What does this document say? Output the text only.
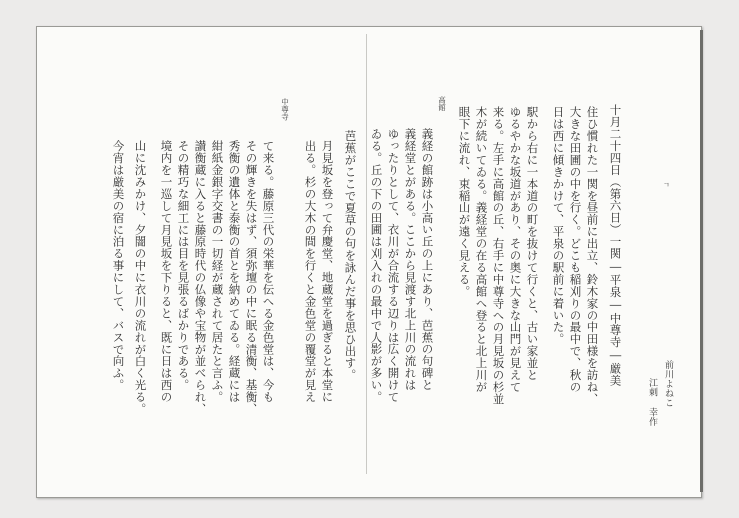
ㄱ
前川よねこ
江刺 幸作
十月二十四日（第六日）一関―平泉―中尊寺―厳美
住ひ慣れた一関を昼前に出立、鈴木家の中田様を訪ね、
大きな田圃の中を行く。どこも稲刈りの最中で、秋の
日は西に傾きかけて、平泉の駅前に着いた。
駅から右に一本道の町を抜けて行くと、古い家並と
ゆるやかな坂道があり、その奥に大きな山門が見えて
来る。左手に高館の丘、右手に中尊寺への月見坂の杉並
木が続いてゐる。義経堂の在る高館へ登ると北上川が
眼下に流れ、束稲山が遠く見える。
高館
義経の館跡は小高い丘の上にあり、芭蕉の句碑と
義経堂とがある。ここから見渡す北上川の流れは
ゆったりとして、衣川が合流する辺りは広く開けて
ゐる。丘の下の田圃は刈入れの最中で人影が多い。
芭蕉がここで夏草の句を詠んだ事を思ひ出す。
中尊寺
月見坂を登って弁慶堂、地蔵堂を過ぎると本堂に
出る。杉の大木の間を行くと金色堂の覆堂が見え
て来る。藤原三代の栄華を伝へる金色堂は、今も
その輝きを失はず、須弥壇の中に眠る清衡、基衡、
秀衡の遺体と泰衡の首とを納めてゐる。経蔵には
紺紙金銀字交書の一切経が蔵されて居たと言ふ。
讃衡蔵に入ると藤原時代の仏像や宝物が並べられ、
その精巧な細工には目を見張るばかりである。
境内を一巡して月見坂を下りると、既に日は西の
山に沈みかけ、夕闇の中に衣川の流れが白く光る。
今宵は厳美の宿に泊る事にして、バスで向ふ。
